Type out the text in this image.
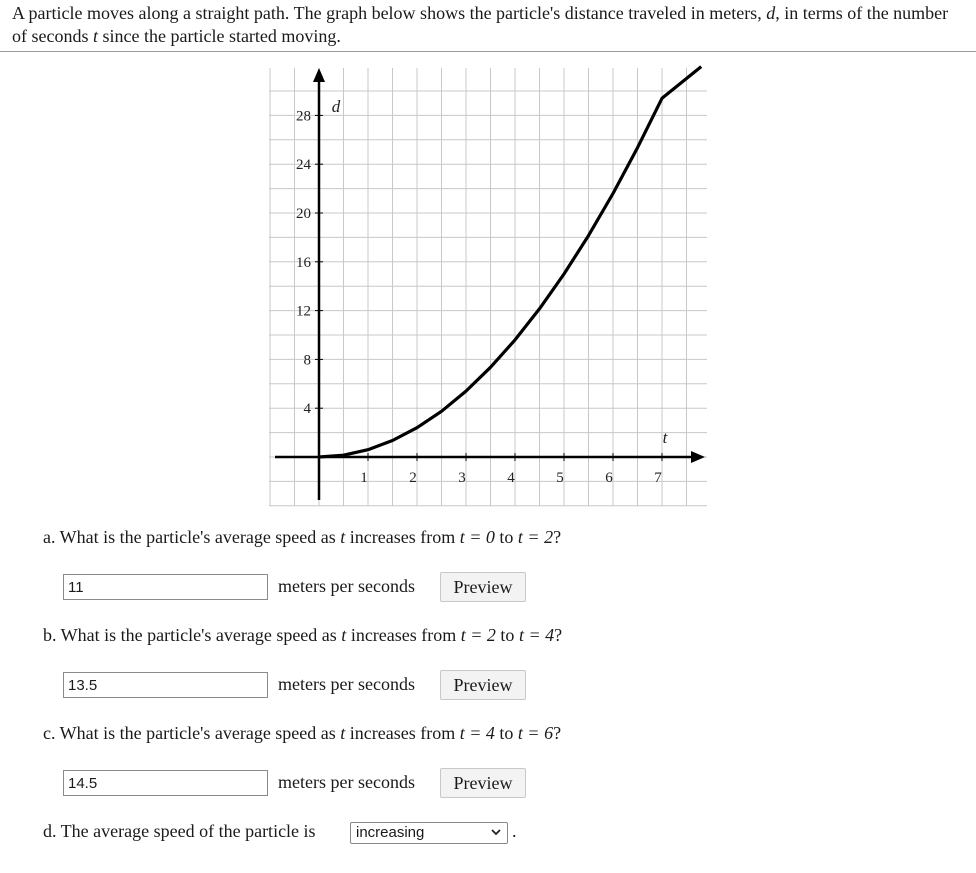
A particle moves along a straight path. The graph below shows the particle's distance traveled in meters, d, in terms of the number of seconds t since the particle started moving.
1	2	3	4	5	6	7
4
8
12
16
20
24
28
d
t
a. What is the particle's average speed as t increases from t = 0 to t = 2?
11
meters per seconds	Preview
b. What is the particle's average speed as t increases from t = 2 to t = 4?
13.5
meters per seconds	Preview
c. What is the particle's average speed as t increases from t = 4 to t = 6?
14.5
meters per seconds	Preview
d. The average speed of the particle is	increasing	.
